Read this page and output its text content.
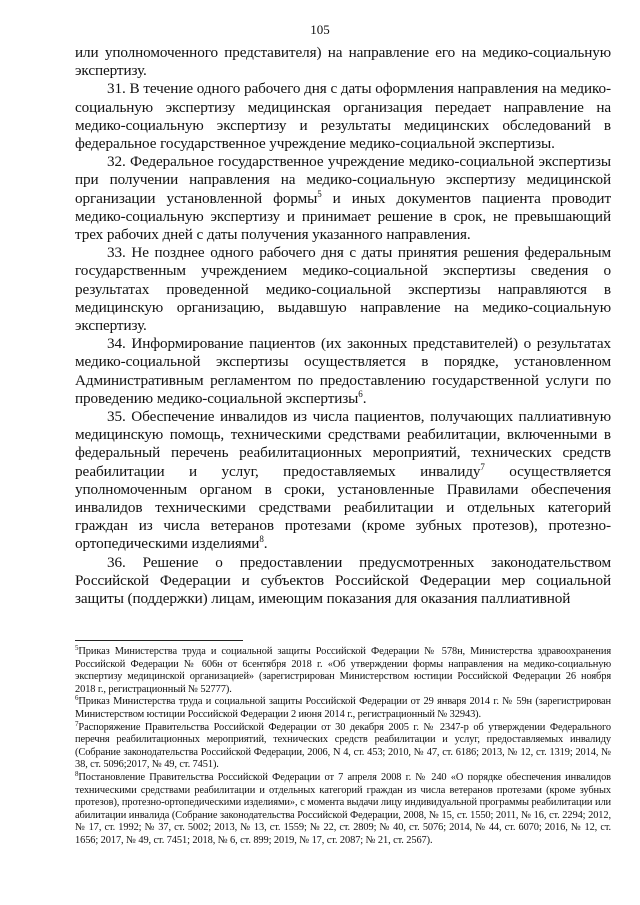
105

или уполномоченного представителя) на направление его на медико-социальную экспертизу.

31. В течение одного рабочего дня с даты оформления направления на медико-социальную экспертизу медицинская организация передает направление на медико-социальную экспертизу и результаты медицинских обследований в федеральное государственное учреждение медико-социальной экспертизы.

32. Федеральное государственное учреждение медико-социальной экспертизы при получении направления на медико-социальную экспертизу медицинской организации установленной формы$^5$ и иных документов пациента проводит медико-социальную экспертизу и принимает решение в срок, не превышающий трех рабочих дней с даты получения указанного направления.

33. Не позднее одного рабочего дня с даты принятия решения федеральным государственным учреждением медико-социальной экспертизы сведения о результатах проведенной медико-социальной экспертизы направляются в медицинскую организацию, выдавшую направление на медико-социальную экспертизу.

34. Информирование пациентов (их законных представителей) о результатах медико-социальной экспертизы осуществляется в порядке, установленном Административным регламентом по предоставлению государственной услуги по проведению медико-социальной экспертизы$^6$.

35. Обеспечение инвалидов из числа пациентов, получающих паллиативную медицинскую помощь, техническими средствами реабилитации, включенными в федеральный перечень реабилитационных мероприятий, технических средств реабилитации и услуг, предоставляемых инвалиду$^7$ осуществляется уполномоченным органом в сроки, установленные Правилами обеспечения инвалидов техническими средствами реабилитации и отдельных категорий граждан из числа ветеранов протезами (кроме зубных протезов), протезно-ортопедическими изделиями$^8$.

36. Решение о предоставлении предусмотренных законодательством Российской Федерации и субъектов Российской Федерации мер социальной защиты (поддержки) лицам, имеющим показания для оказания паллиативной

$^5$Приказ Министерства труда и социальной защиты Российской Федерации № 578н, Министерства здравоохранения Российской Федерации № 606н от 6сентября 2018 г. «Об утверждении формы направления на медико-социальную экспертизу медицинской организацией» (зарегистрирован Министерством юстиции Российской Федерации 26 ноября 2018 г., регистрационный № 52777).

$^6$Приказ Министерства труда и социальной защиты Российской Федерации от 29 января 2014 г. № 59н (зарегистрирован Министерством юстиции Российской Федерации 2 июня 2014 г., регистрационный № 32943).

$^7$Распоряжение Правительства Российской Федерации от 30 декабря 2005 г. № 2347-р об утверждении Федерального перечня реабилитационных мероприятий, технических средств реабилитации и услуг, предоставляемых инвалиду (Собрание законодательства Российской Федерации, 2006, N 4, ст. 453; 2010, № 47, ст. 6186; 2013, № 12, ст. 1319; 2014, № 38, ст. 5096;2017, № 49, ст. 7451).

$^8$Постановление Правительства Российской Федерации от 7 апреля 2008 г. № 240 «О порядке обеспечения инвалидов техническими средствами реабилитации и отдельных категорий граждан из числа ветеранов протезами (кроме зубных протезов), протезно-ортопедическими изделиями», с момента выдачи лицу индивидуальной программы реабилитации или абилитации инвалида (Собрание законодательства Российской Федерации, 2008, № 15, ст. 1550; 2011, № 16, ст. 2294; 2012, № 17, ст. 1992; № 37, ст. 5002; 2013, № 13, ст. 1559; № 22, ст. 2809; № 40, ст. 5076; 2014, № 44, ст. 6070; 2016, № 12, ст. 1656; 2017, № 49, ст. 7451; 2018, № 6, ст. 899; 2019, № 17, ст. 2087; № 21, ст. 2567).
